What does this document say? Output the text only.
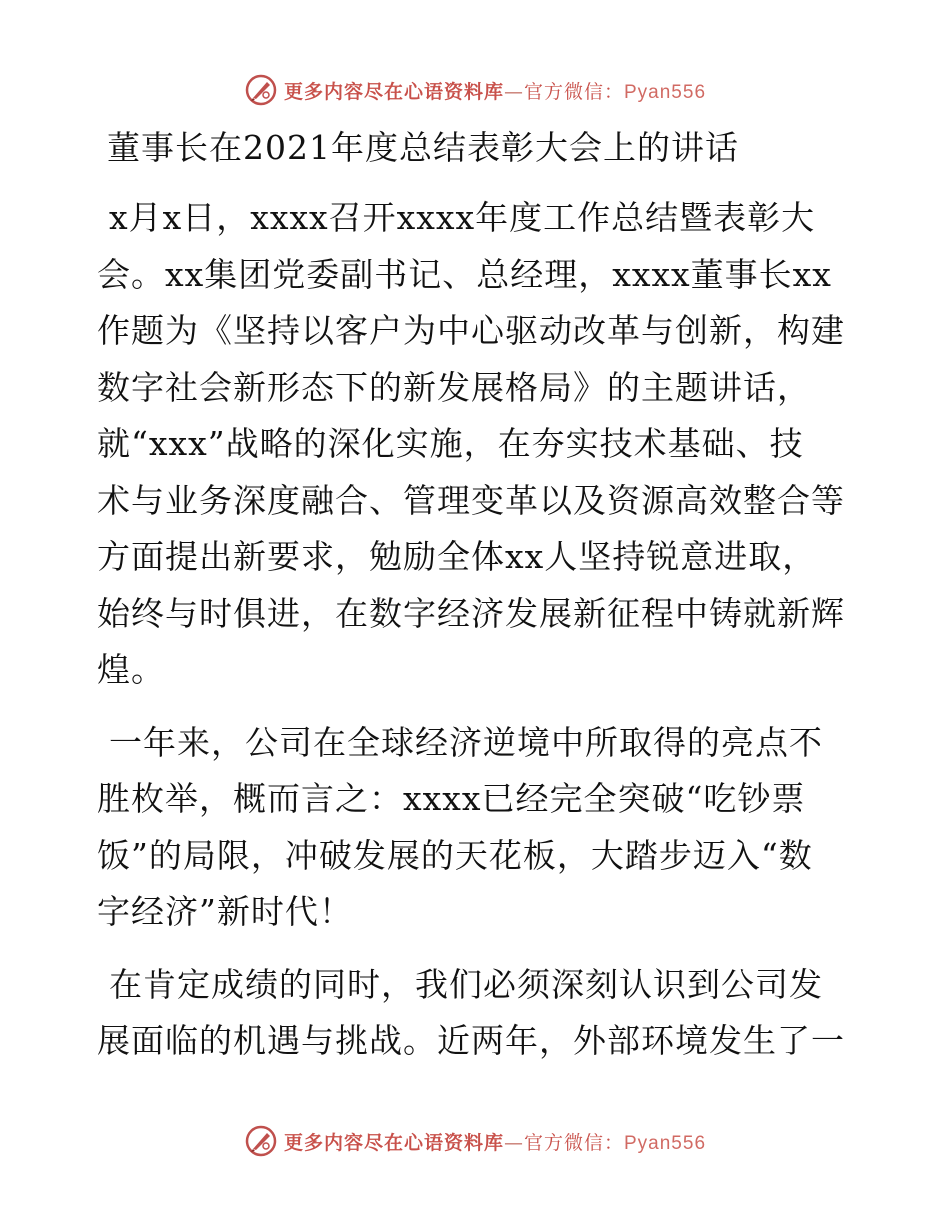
更多内容尽在心语资料库—官方微信：Pyan556
董事长在2021年度总结表彰大会上的讲话
x月x日，xxxx召开xxxx年度工作总结暨表彰大
会。xx集团党委副书记、总经理，xxxx董事长xx
作题为《坚持以客户为中心驱动改革与创新，构建
数字社会新形态下的新发展格局》的主题讲话，
就“xxx”战略的深化实施，在夯实技术基础、技
术与业务深度融合、管理变革以及资源高效整合等
方面提出新要求，勉励全体xx人坚持锐意进取，
始终与时俱进，在数字经济发展新征程中铸就新辉
煌。
一年来，公司在全球经济逆境中所取得的亮点不
胜枚举，概而言之：xxxx已经完全突破“吃钞票
饭”的局限，冲破发展的天花板，大踏步迈入“数
字经济”新时代！
在肯定成绩的同时，我们必须深刻认识到公司发
展面临的机遇与挑战。近两年，外部环境发生了一
更多内容尽在心语资料库—官方微信：Pyan556
